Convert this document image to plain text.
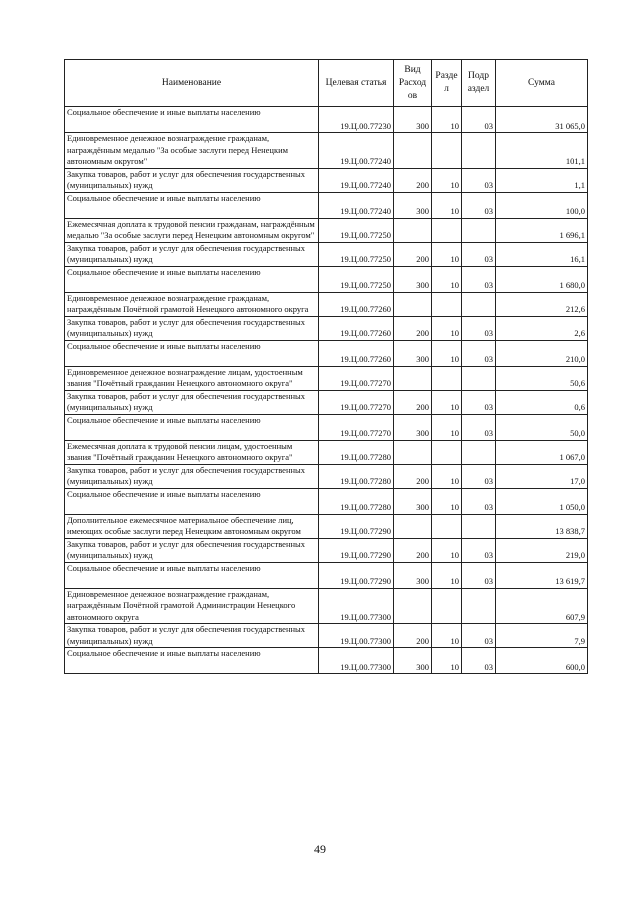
Наименование	Целевая статья	Вид Расход ов	Разде л	Подр аздел	Сумма
Социальное обеспечение и иные выплаты населению	19.Ц.00.77230	300	10	03	31 065,0
Единовременное денежное вознаграждение гражданам, награждённым медалью "За особые заслуги перед Ненецким автономным округом"	19.Ц.00.77240				101,1
Закупка товаров, работ и услуг для обеспечения государственных (муниципальных) нужд	19.Ц.00.77240	200	10	03	1,1
Социальное обеспечение и иные выплаты населению	19.Ц.00.77240	300	10	03	100,0
Ежемесячная доплата к трудовой пенсии гражданам, награждённым медалью "За особые заслуги перед Ненецким автономным округом"	19.Ц.00.77250				1 696,1
Закупка товаров, работ и услуг для обеспечения государственных (муниципальных) нужд	19.Ц.00.77250	200	10	03	16,1
Социальное обеспечение и иные выплаты населению	19.Ц.00.77250	300	10	03	1 680,0
Единовременное денежное вознаграждение гражданам, награждённым Почётной грамотой Ненецкого автономного округа	19.Ц.00.77260				212,6
Закупка товаров, работ и услуг для обеспечения государственных (муниципальных) нужд	19.Ц.00.77260	200	10	03	2,6
Социальное обеспечение и иные выплаты населению	19.Ц.00.77260	300	10	03	210,0
Единовременное денежное вознаграждение лицам, удостоенным звания "Почётный гражданин Ненецкого автономного округа"	19.Ц.00.77270				50,6
Закупка товаров, работ и услуг для обеспечения государственных (муниципальных) нужд	19.Ц.00.77270	200	10	03	0,6
Социальное обеспечение и иные выплаты населению	19.Ц.00.77270	300	10	03	50,0
Ежемесячная доплата к трудовой пенсии лицам, удостоенным звания "Почётный гражданин Ненецкого автономного округа"	19.Ц.00.77280				1 067,0
Закупка товаров, работ и услуг для обеспечения государственных (муниципальных) нужд	19.Ц.00.77280	200	10	03	17,0
Социальное обеспечение и иные выплаты населению	19.Ц.00.77280	300	10	03	1 050,0
Дополнительное ежемесячное материальное обеспечение лиц, имеющих особые заслуги перед Ненецким автономным округом	19.Ц.00.77290				13 838,7
Закупка товаров, работ и услуг для обеспечения государственных (муниципальных) нужд	19.Ц.00.77290	200	10	03	219,0
Социальное обеспечение и иные выплаты населению	19.Ц.00.77290	300	10	03	13 619,7
Единовременное денежное вознаграждение гражданам, награждённым Почётной грамотой Администрации Ненецкого автономного округа	19.Ц.00.77300				607,9
Закупка товаров, работ и услуг для обеспечения государственных (муниципальных) нужд	19.Ц.00.77300	200	10	03	7,9
Социальное обеспечение и иные выплаты населению	19.Ц.00.77300	300	10	03	600,0
49
